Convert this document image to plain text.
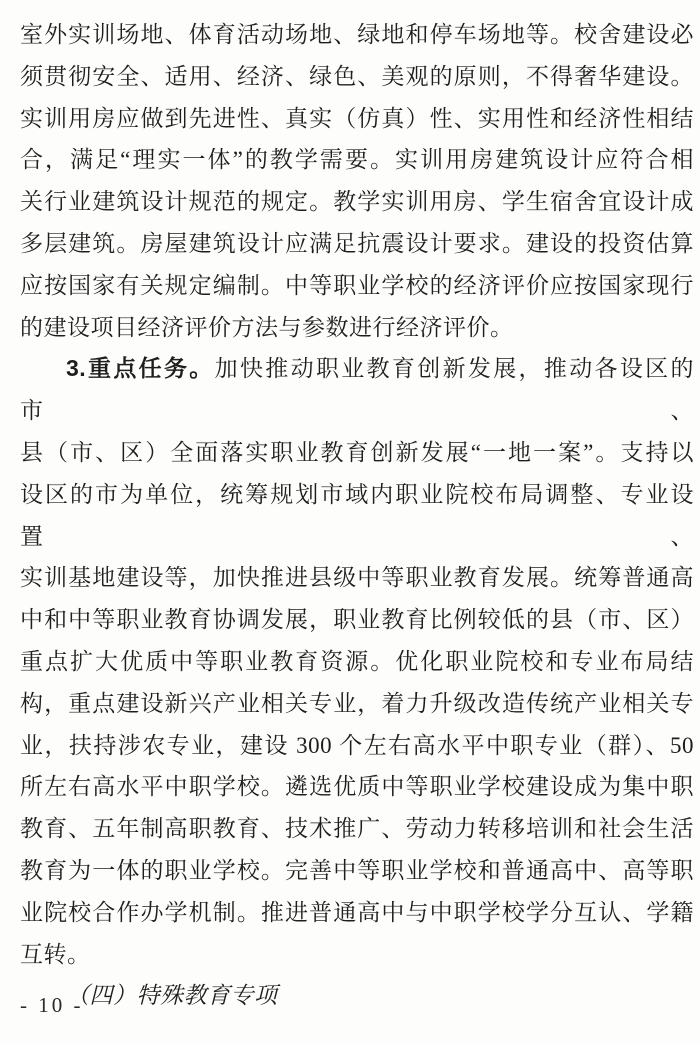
室外实训场地、体育活动场地、绿地和停车场地等。校舍建设必
须贯彻安全、适用、经济、绿色、美观的原则，不得奢华建设。
实训用房应做到先进性、真实（仿真）性、实用性和经济性相结
合，满足“理实一体”的教学需要。实训用房建筑设计应符合相
关行业建筑设计规范的规定。教学实训用房、学生宿舍宜设计成
多层建筑。房屋建筑设计应满足抗震设计要求。建设的投资估算
应按国家有关规定编制。中等职业学校的经济评价应按国家现行
的建设项目经济评价方法与参数进行经济评价。
3.重点任务。加快推动职业教育创新发展，推动各设区的市、
县（市、区）全面落实职业教育创新发展“一地一案”。支持以
设区的市为单位，统筹规划市域内职业院校布局调整、专业设置、
实训基地建设等，加快推进县级中等职业教育发展。统筹普通高
中和中等职业教育协调发展，职业教育比例较低的县（市、区）
重点扩大优质中等职业教育资源。优化职业院校和专业布局结
构，重点建设新兴产业相关专业，着力升级改造传统产业相关专
业，扶持涉农专业，建设 300 个左右高水平中职专业（群）、50
所左右高水平中职学校。遴选优质中等职业学校建设成为集中职
教育、五年制高职教育、技术推广、劳动力转移培训和社会生活
教育为一体的职业学校。完善中等职业学校和普通高中、高等职
业院校合作办学机制。推进普通高中与中职学校学分互认、学籍
互转。
（四）特殊教育专项
- 10 -
